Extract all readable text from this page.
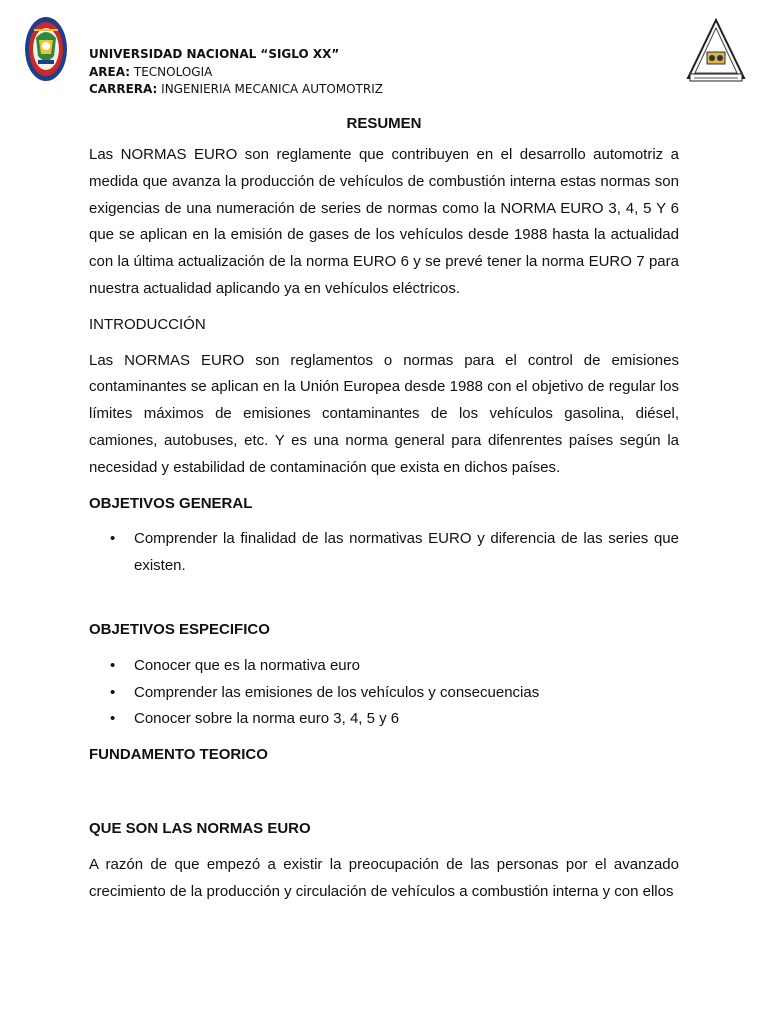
UNIVERSIDAD NACIONAL “SIGLO XX”
AREA: TECNOLOGIA
CARRERA: INGENIERIA MECANICA AUTOMOTRIZ
RESUMEN

Las NORMAS EURO son reglamente que contribuyen en el desarrollo automotriz a medida que avanza la producción de vehículos de combustión interna estas normas son exigencias de una numeración de series de normas como la NORMA EURO 3, 4, 5 Y 6 que se aplican en la emisión de gases de los vehículos desde 1988 hasta la actualidad con la última actualización de la norma EURO 6 y se prevé tener la norma EURO 7 para nuestra actualidad aplicando ya en vehículos eléctricos.

INTRODUCCIÓN

Las NORMAS EURO son reglamentos o normas para el control de emisiones contaminantes se aplican en la Unión Europea desde 1988 con el objetivo de regular los límites máximos de emisiones contaminantes de los vehículos gasolina, diésel, camiones, autobuses, etc. Y es una norma general para difenrentes países según la necesidad y estabilidad de contaminación que exista en dichos países.

OBJETIVOS GENERAL
• Comprender la finalidad de las normativas EURO y diferencia de las series que existen.
OBJETIVOS ESPECIFICO
• Conocer que es la normativa euro
• Comprender las emisiones de los vehículos y consecuencias
• Conocer sobre la norma euro 3, 4, 5 y 6
FUNDAMENTO TEORICO
QUE SON LAS NORMAS EURO

A razón de que empezó a existir la preocupación de las personas por el avanzado crecimiento de la producción y circulación de vehículos a combustión interna y con ellos
